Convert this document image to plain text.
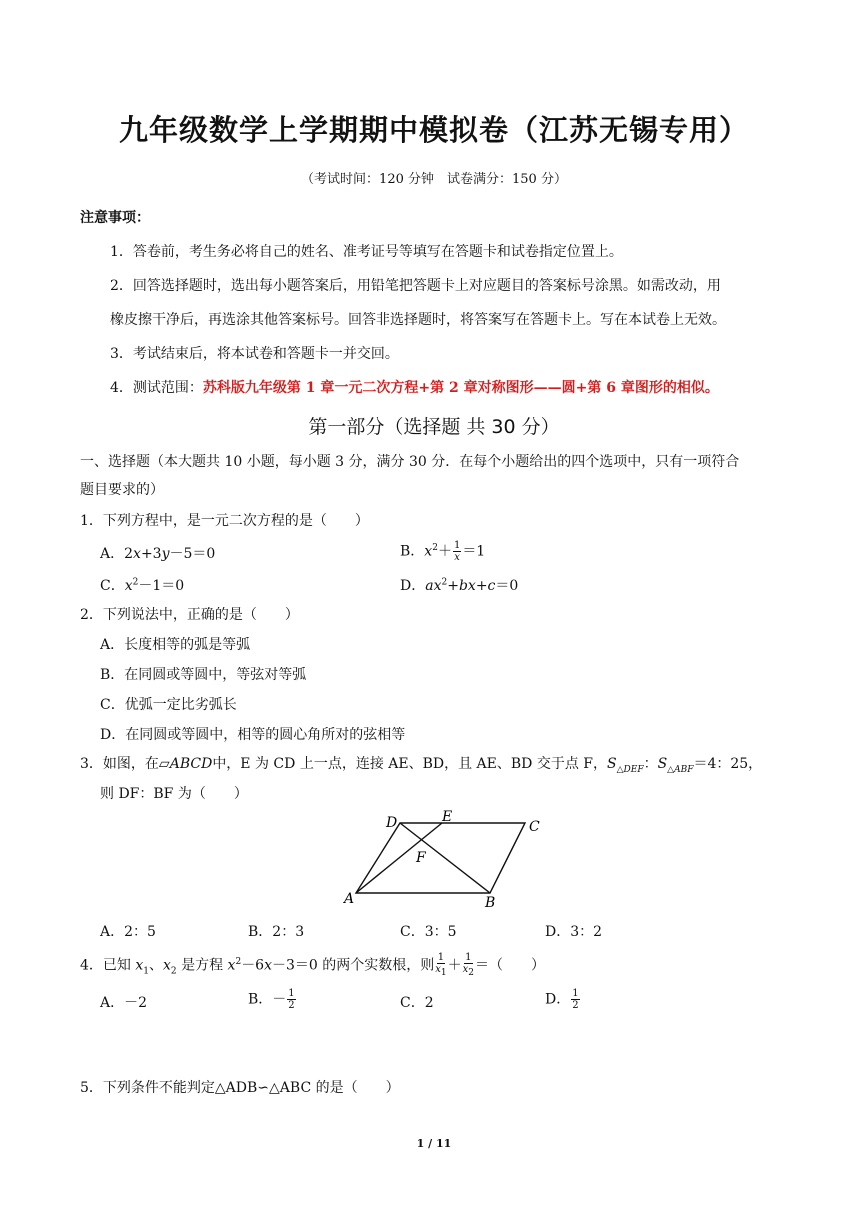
九年级数学上学期期中模拟卷（江苏无锡专用）
（考试时间：120 分钟　试卷满分：150 分）
注意事项：
1．答卷前，考生务必将自己的姓名、准考证号等填写在答题卡和试卷指定位置上。
2．回答选择题时，选出每小题答案后，用铅笔把答题卡上对应题目的答案标号涂黑。如需改动，用
橡皮擦干净后，再选涂其他答案标号。回答非选择题时，将答案写在答题卡上。写在本试卷上无效。
3．考试结束后，将本试卷和答题卡一并交回。
4．测试范围：苏科版九年级第 1 章一元二次方程+第 2 章对称图形——圆+第 6 章图形的相似。
第一部分（选择题 共 30 分）
一、选择题（本大题共 10 小题，每小题 3 分，满分 30 分．在每个小题给出的四个选项中，只有一项符合
题目要求的）
1．下列方程中，是一元二次方程的是（　　）
A．2x+3y－5＝0	B．$x^2+ \frac{1}{x} =1$
C．$x^2-1=0$	D．$ax^2+bx+c=0$
2．下列说法中，正确的是（　　）
A．长度相等的弧是等弧
B．在同圆或等圆中，等弦对等弧
C．优弧一定比劣弧长
D．在同圆或等圆中，相等的圆心角所对的弦相等
3．如图，在▱ABCD中，E 为 CD 上一点，连接 AE、BD，且 AE、BD 交于点 F，$S_{\triangle DEF}$：$S_{\triangle ABF}=4$：25，
则 DF：BF 为（　　）
D	E
C
F
A	B
A．2：5	B．2：3	C．3：5	D．3：2
4．已知 $x_1$、$x_2$ 是方程 $x^2-6x-3=0$ 的两个实数根，则 $\frac{1}{x_1} + \frac{1}{x_2}$ ＝（　　）
A．－2	B．－ $\frac{1}{2}$	C．2	D． $\frac{1}{2}$
5．下列条件不能判定△ADB∽△ABC 的是（　　）
1 / 11
